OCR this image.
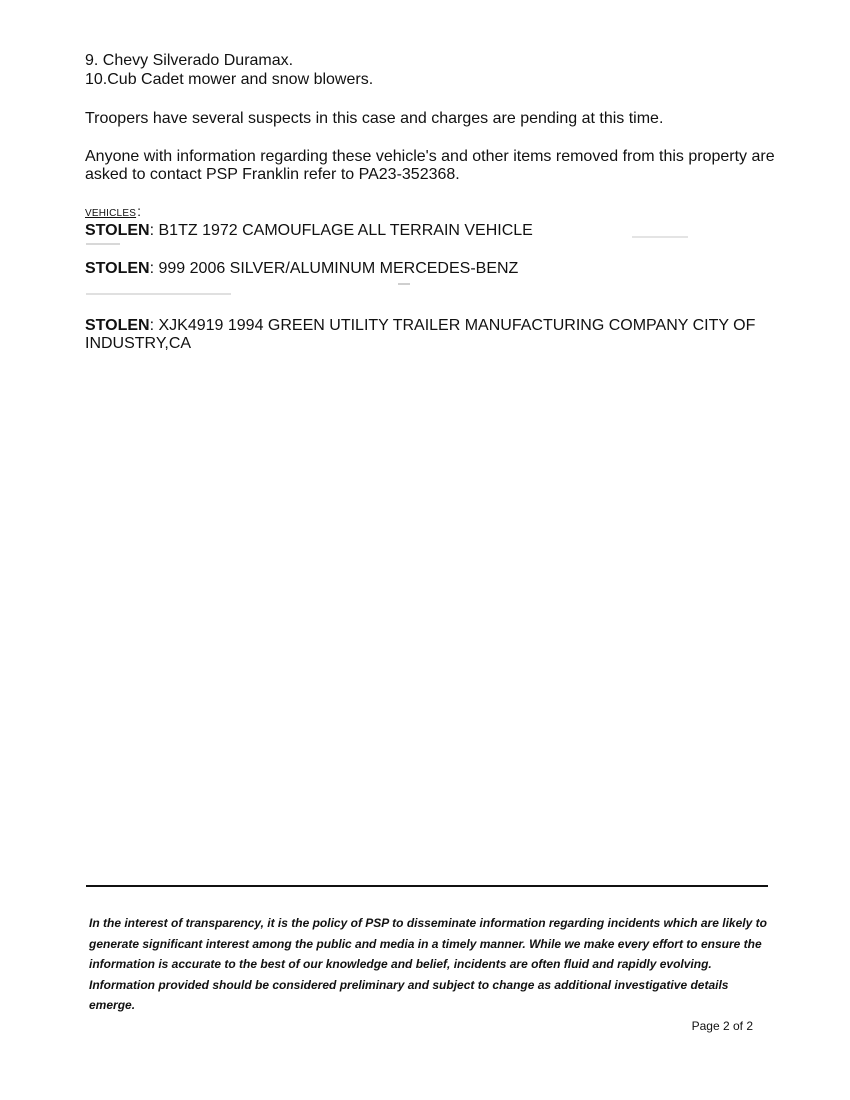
9. Chevy Silverado Duramax.
10.Cub Cadet mower and snow blowers.
Troopers have several suspects in this case and charges are pending at this time.
Anyone with information regarding these vehicle's and other items removed from this property are asked to contact PSP Franklin refer to PA23-352368.
VEHICLES:
STOLEN: B1TZ 1972 CAMOUFLAGE ALL TERRAIN VEHICLE
STOLEN: 999 2006 SILVER/ALUMINUM MERCEDES-BENZ
STOLEN: XJK4919 1994 GREEN UTILITY TRAILER MANUFACTURING COMPANY CITY OF INDUSTRY,CA
In the interest of transparency, it is the policy of PSP to disseminate information regarding incidents which are likely to generate significant interest among the public and media in a timely manner. While we make every effort to ensure the information is accurate to the best of our knowledge and belief, incidents are often fluid and rapidly evolving. Information provided should be considered preliminary and subject to change as additional investigative details emerge.
Page 2 of 2
